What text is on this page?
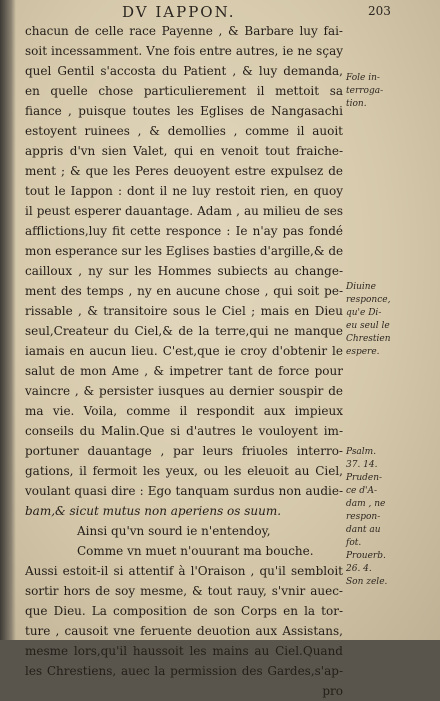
DV IAPPON.	203
chacun de celle race Payenne , & Barbare luy fai-
soit incessamment. Vne fois entre autres, ie ne sçay
quel Gentil s'accosta du Patient , & luy demanda,
en quelle chose particulierement il mettoit sa
fiance , puisque toutes les Eglises de Nangasachi
estoyent ruinees , & demollies , comme il auoit
appris d'vn sien Valet, qui en venoit tout fraiche-
ment ; & que les Peres deuoyent estre expulsez de
tout le Iappon : dont il ne luy restoit rien, en quoy
il peust esperer dauantage. Adam , au milieu de ses
afflictions,luy fit cette responce : Ie n'ay pas fondé
mon esperance sur les Eglises basties d'argille,& de
cailloux , ny sur les Hommes subiects au change-
ment des temps , ny en aucune chose , qui soit pe-
rissable , & transitoire sous le Ciel ; mais en Dieu
seul,Createur du Ciel,& de la terre,qui ne manque
iamais en aucun lieu. C'est,que ie croy d'obtenir le
salut de mon Ame , & impetrer tant de force pour
vaincre , & persister iusques au dernier souspir de
ma vie. Voila, comme il respondit aux impieux
conseils du Malin.Que si d'autres le vouloyent im-
portuner dauantage , par leurs friuoles interro-
gations, il fermoit les yeux, ou les eleuoit au Ciel,
voulant quasi dire : Ego tanquam surdus non audie-
bam,& sicut mutus non aperiens os suum.
Ainsi qu'vn sourd ie n'entendoy,
Comme vn muet n'ouurant ma bouche.
Aussi estoit-il si attentif à l'Oraison , qu'il sembloit
sortir hors de soy mesme, & tout rauy, s'vnir auec-
que Dieu. La composition de son Corps en la tor-
ture , causoit vne feruente deuotion aux Assistans,
mesme lors,qu'il haussoit les mains au Ciel.Quand
les Chrestiens, auec la permission des Gardes,s'ap-
pro
Fole in-
terroga-
tion.
Diuine
responce,
qu'e Di-
eu seul le
Chrestien
espere.
Psalm.
37. 14.
Pruden-
ce d'A-
dam , ne
respon-
dant au
fot.
Prouerb.
26. 4.
Son zele.
